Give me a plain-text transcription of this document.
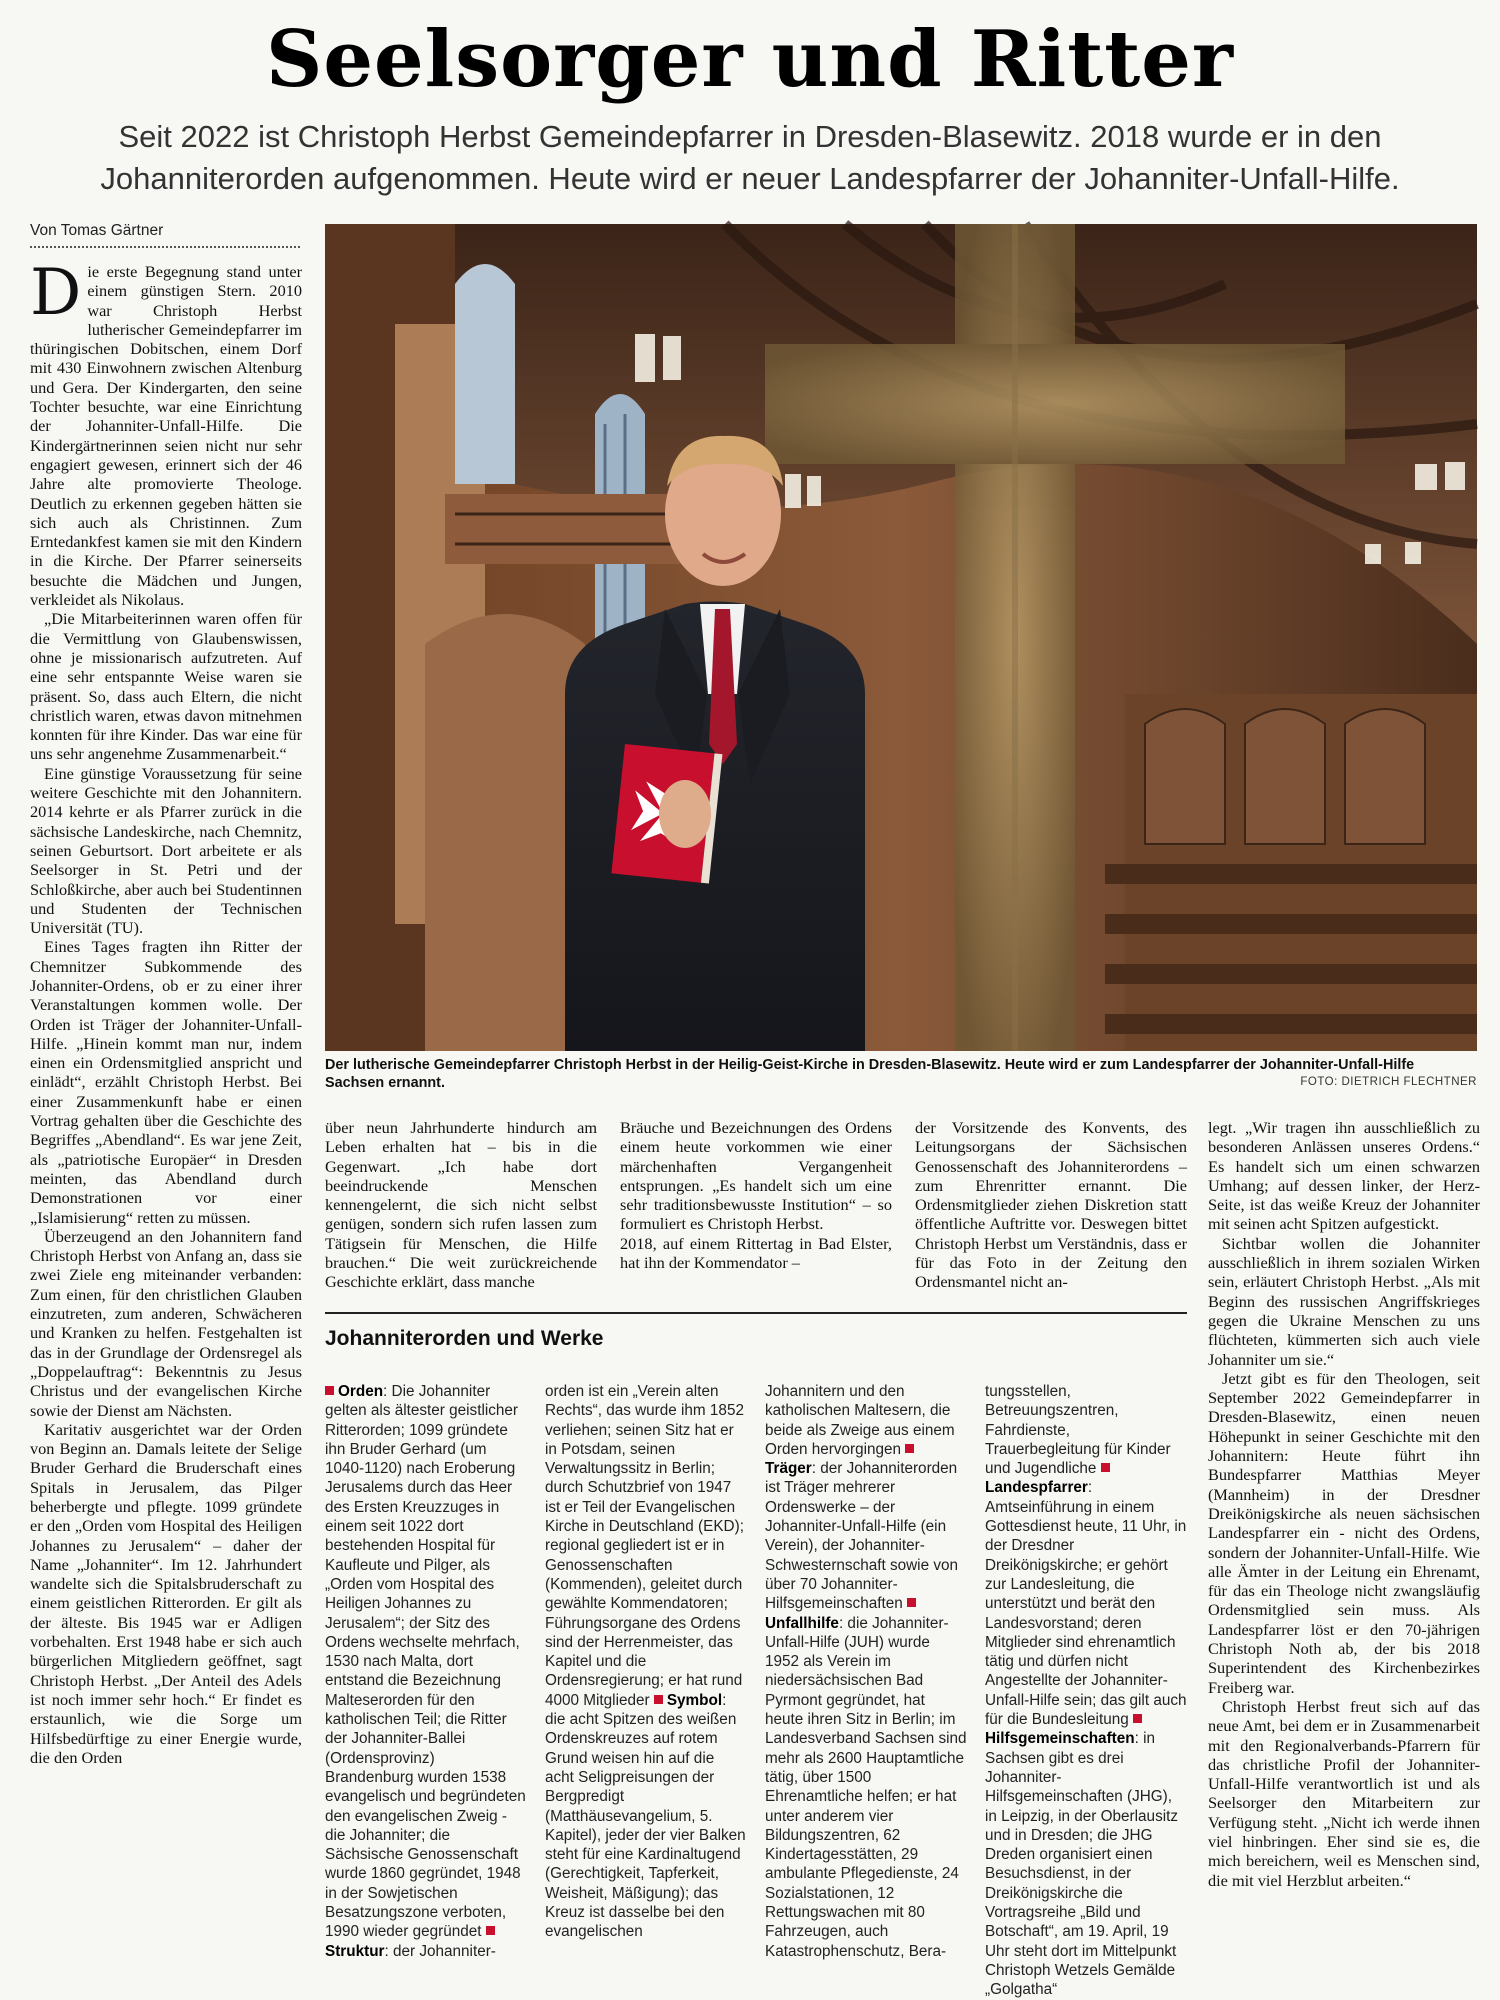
Seelsorger und Ritter
Seit 2022 ist Christoph Herbst Gemeindepfarrer in Dresden-Blasewitz. 2018 wurde er in den Johanniterorden aufgenommen. Heute wird er neuer Landespfarrer der Johanniter-Unfall-Hilfe.
Von Tomas Gärtner

Die erste Begegnung stand unter einem günstigen Stern. 2010 war Christoph Herbst lutherischer Gemeindepfarrer im thüringischen Dobitschen, einem Dorf mit 430 Einwohnern zwischen Altenburg und Gera. Der Kindergarten, den seine Tochter besuchte, war eine Einrichtung der Johanniter-Unfall-Hilfe. Die Kindergärtnerinnen seien nicht nur sehr engagiert gewesen, erinnert sich der 46 Jahre alte promovierte Theologe. Deutlich zu erkennen gegeben hätten sie sich auch als Christinnen. Zum Erntedankfest kamen sie mit den Kindern in die Kirche. Der Pfarrer seinerseits besuchte die Mädchen und Jungen, verkleidet als Nikolaus.

„Die Mitarbeiterinnen waren offen für die Vermittlung von Glaubenswissen, ohne je missionarisch aufzutreten. Auf eine sehr entspannte Weise waren sie präsent. So, dass auch Eltern, die nicht christlich waren, etwas davon mitnehmen konnten für ihre Kinder. Das war eine für uns sehr angenehme Zusammenarbeit.“

Eine günstige Voraussetzung für seine weitere Geschichte mit den Johannitern. 2014 kehrte er als Pfarrer zurück in die sächsische Landeskirche, nach Chemnitz, seinen Geburtsort. Dort arbeitete er als Seelsorger in St. Petri und der Schloßkirche, aber auch bei Studentinnen und Studenten der Technischen Universität (TU).

Eines Tages fragten ihn Ritter der Chemnitzer Subkommende des Johanniter-Ordens, ob er zu einer ihrer Veranstaltungen kommen wolle. Der Orden ist Träger der Johanniter-Unfall-Hilfe. „Hinein kommt man nur, indem einen ein Ordensmitglied anspricht und einlädt“, erzählt Christoph Herbst. Bei einer Zusammenkunft habe er einen Vortrag gehalten über die Geschichte des Begriffes „Abendland“. Es war jene Zeit, als „patriotische Europäer“ in Dresden meinten, das Abendland durch Demonstrationen vor einer „Islamisierung“ retten zu müssen.

Überzeugend an den Johannitern fand Christoph Herbst von Anfang an, dass sie zwei Ziele eng miteinander verbanden: Zum einen, für den christlichen Glauben einzutreten, zum anderen, Schwächeren und Kranken zu helfen. Festgehalten ist das in der Grundlage der Ordensregel als „Doppelauftrag“: Bekenntnis zu Jesus Christus und der evangelischen Kirche sowie der Dienst am Nächsten.

Karitativ ausgerichtet war der Orden von Beginn an. Damals leitete der Selige Bruder Gerhard die Bruderschaft eines Spitals in Jerusalem, das Pilger beherbergte und pflegte. 1099 gründete er den „Orden vom Hospital des Heiligen Johannes zu Jerusalem“ – daher der Name „Johanniter“. Im 12. Jahrhundert wandelte sich die Spitalsbruderschaft zu einem geistlichen Ritterorden. Er gilt als der älteste. Bis 1945 war er Adligen vorbehalten. Erst 1948 habe er sich auch bürgerlichen Mitgliedern geöffnet, sagt Christoph Herbst. „Der Anteil des Adels ist noch immer sehr hoch.“ Er findet es erstaunlich, wie die Sorge um Hilfsbedürftige zu einer Energie wurde, die den Orden

Der lutherische Gemeindepfarrer Christoph Herbst in der Heilig-Geist-Kirche in Dresden-Blasewitz. Heute wird er zum Landespfarrer der Johanniter-Unfall-Hilfe Sachsen ernannt.	FOTO: DIETRICH FLECHTNER

über neun Jahrhunderte hindurch am Leben erhalten hat – bis in die Gegenwart. „Ich habe dort beeindruckende Menschen kennengelernt, die sich nicht selbst genügen, sondern sich rufen lassen zum Tätigsein für Menschen, die Hilfe brauchen.“ Die weit zurückreichende Geschichte erklärt, dass manche

Bräuche und Bezeichnungen des Ordens einem heute vorkommen wie einer märchenhaften Vergangenheit entsprungen. „Es handelt sich um eine sehr traditionsbewusste Institution“ – so formuliert es Christoph Herbst.
2018, auf einem Rittertag in Bad Elster, hat ihn der Kommendator –

der Vorsitzende des Konvents, des Leitungsorgans der Sächsischen Genossenschaft des Johanniterordens – zum Ehrenritter ernannt. Die Ordensmitglieder ziehen Diskretion statt öffentliche Auftritte vor. Deswegen bittet Christoph Herbst um Verständnis, dass er für das Foto in der Zeitung den Ordensmantel nicht an-

legt. „Wir tragen ihn ausschließlich zu besonderen Anlässen unseres Ordens.“ Es handelt sich um einen schwarzen Umhang; auf dessen linker, der Herz-Seite, ist das weiße Kreuz der Johanniter mit seinen acht Spitzen aufgestickt.

Sichtbar wollen die Johanniter ausschließlich in ihrem sozialen Wirken sein, erläutert Christoph Herbst. „Als mit Beginn des russischen Angriffskrieges gegen die Ukraine Menschen zu uns flüchteten, kümmerten sich auch viele Johanniter um sie.“

Jetzt gibt es für den Theologen, seit September 2022 Gemeindepfarrer in Dresden-Blasewitz, einen neuen Höhepunkt in seiner Geschichte mit den Johannitern: Heute führt ihn Bundespfarrer Matthias Meyer (Mannheim) in der Dresdner Dreikönigskirche als neuen sächsischen Landespfarrer ein - nicht des Ordens, sondern der Johanniter-Unfall-Hilfe. Wie alle Ämter in der Leitung ein Ehrenamt, für das ein Theologe nicht zwangsläufig Ordensmitglied sein muss. Als Landespfarrer löst er den 70-jährigen Christoph Noth ab, der bis 2018 Superintendent des Kirchenbezirkes Freiberg war.

Christoph Herbst freut sich auf das neue Amt, bei dem er in Zusammenarbeit mit den Regionalverbands-Pfarrern für das christliche Profil der Johanniter-Unfall-Hilfe verantwortlich ist und als Seelsorger den Mitarbeitern zur Verfügung steht. „Nicht ich werde ihnen viel hinbringen. Eher sind sie es, die mich bereichern, weil es Menschen sind, die mit viel Herzblut arbeiten.“

Johanniterorden und Werke
Orden: Die Johanniter gelten als ältester geistlicher Ritterorden; 1099 gründete ihn Bruder Gerhard (um 1040-1120) nach Eroberung Jerusalems durch das Heer des Ersten Kreuzzuges in einem seit 1022 dort bestehenden Hospital für Kaufleute und Pilger, als „Orden vom Hospital des Heiligen Johannes zu Jerusalem“; der Sitz des Ordens wechselte mehrfach, 1530 nach Malta, dort entstand die Bezeichnung Malteserorden für den katholischen Teil; die Ritter der Johanniter-Ballei (Ordensprovinz) Brandenburg wurden 1538 evangelisch und begründeten den evangelischen Zweig - die Johanniter; die Sächsische Genossenschaft wurde 1860 gegründet, 1948 in der Sowjetischen Besatzungszone verboten, 1990 wieder gegründet Struktur: der Johanniter-
orden ist ein „Verein alten Rechts“, das wurde ihm 1852 verliehen; seinen Sitz hat er in Potsdam, seinen Verwaltungssitz in Berlin; durch Schutzbrief von 1947 ist er Teil der Evangelischen Kirche in Deutschland (EKD); regional gegliedert ist er in Genossenschaften (Kommenden), geleitet durch gewählte Kommendatoren; Führungsorgane des Ordens sind der Herrenmeister, das Kapitel und die Ordensregierung; er hat rund 4000 Mitglieder Symbol: die acht Spitzen des weißen Ordenskreuzes auf rotem Grund weisen hin auf die acht Seligpreisungen der Bergpredigt (Matthäusevangelium, 5. Kapitel), jeder der vier Balken steht für eine Kardinaltugend (Gerechtigkeit, Tapferkeit, Weisheit, Mäßigung); das Kreuz ist dasselbe bei den evangelischen
Johannitern und den katholischen Maltesern, die beide als Zweige aus einem Orden hervorgingen Träger: der Johanniterorden ist Träger mehrerer Ordenswerke – der Johanniter-Unfall-Hilfe (ein Verein), der Johanniter-Schwesternschaft sowie von über 70 Johanniter-Hilfsgemeinschaften Unfallhilfe: die Johanniter-Unfall-Hilfe (JUH) wurde 1952 als Verein im niedersächsischen Bad Pyrmont gegründet, hat heute ihren Sitz in Berlin; im Landesverband Sachsen sind mehr als 2600 Hauptamtliche tätig, über 1500 Ehrenamtliche helfen; er hat unter anderem vier Bildungszentren, 62 Kindertagesstätten, 29 ambulante Pflegedienste, 24 Sozialstationen, 12 Rettungswachen mit 80 Fahrzeugen, auch Katastrophenschutz, Bera-
tungsstellen, Betreuungszentren, Fahrdienste, Trauerbegleitung für Kinder und Jugendliche Landespfarrer: Amtseinführung in einem Gottesdienst heute, 11 Uhr, in der Dresdner Dreikönigskirche; er gehört zur Landesleitung, die unterstützt und berät den Landesvorstand; deren Mitglieder sind ehrenamtlich tätig und dürfen nicht Angestellte der Johanniter-Unfall-Hilfe sein; das gilt auch für die Bundesleitung Hilfsgemeinschaften: in Sachsen gibt es drei Johanniter-Hilfsgemeinschaften (JHG), in Leipzig, in der Oberlausitz und in Dresden; die JHG Dreden organisiert einen Besuchsdienst, in der Dreikönigskirche die Vortragsreihe „Bild und Botschaft“, am 19. April, 19 Uhr steht dort im Mittelpunkt Christoph Wetzels Gemälde „Golgatha“
